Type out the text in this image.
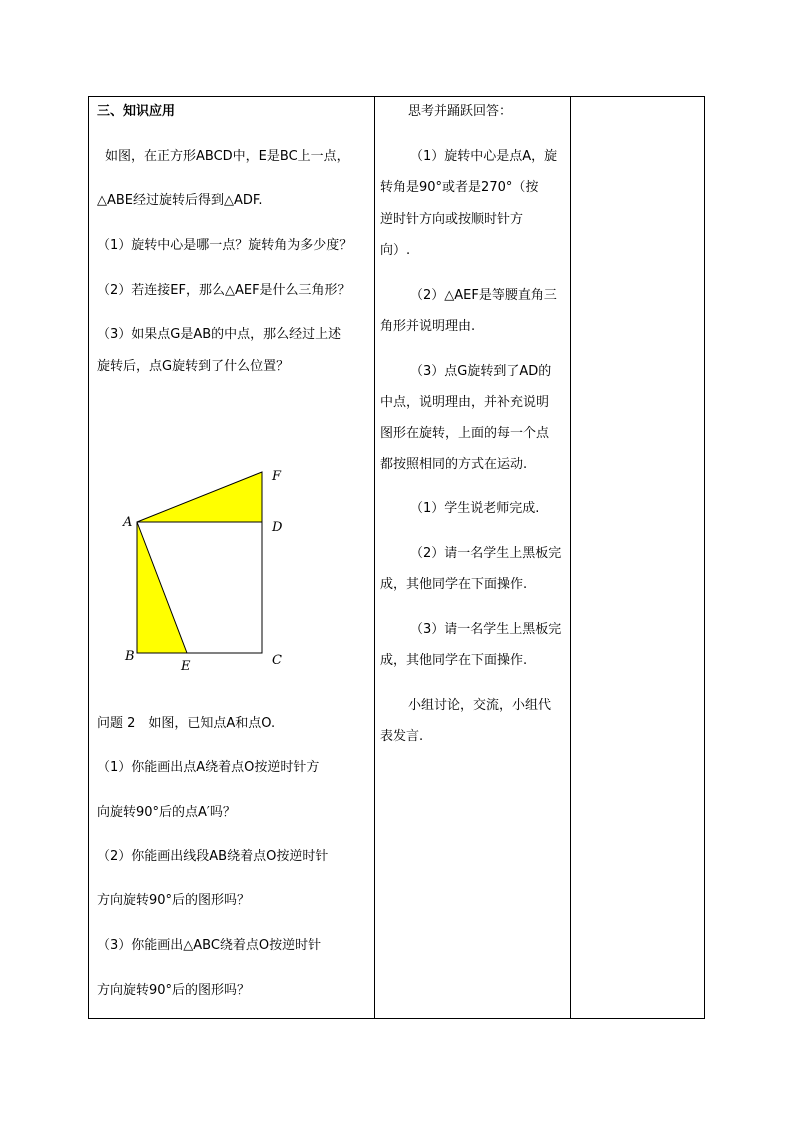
三、知识应用
如图，在正方形ABCD中，E是BC上一点，
△ABE经过旋转后得到△ADF.
（1）旋转中心是哪一点？旋转角为多少度？
（2）若连接EF，那么△AEF是什么三角形？
（3）如果点G是AB的中点，那么经过上述
旋转后，点G旋转到了什么位置？
A
B	C
D
E
F
问题 2　如图，已知点A和点O.
（1）你能画出点A绕着点O按逆时针方
向旋转90°后的点A′吗？
（2）你能画出线段AB绕着点O按逆时针
方向旋转90°后的图形吗？
（3）你能画出△ABC绕着点O按逆时针
方向旋转90°后的图形吗？
思考并踊跃回答：
（1）旋转中心是点A，旋
转角是90°或者是270°（按
逆时针方向或按顺时针方
向）.
（2）△AEF是等腰直角三
角形并说明理由.
（3）点G旋转到了AD的
中点，说明理由，并补充说明
图形在旋转，上面的每一个点
都按照相同的方式在运动.
（1）学生说老师完成.
（2）请一名学生上黑板完
成，其他同学在下面操作.
（3）请一名学生上黑板完
成，其他同学在下面操作.
小组讨论，交流，小组代
表发言.
